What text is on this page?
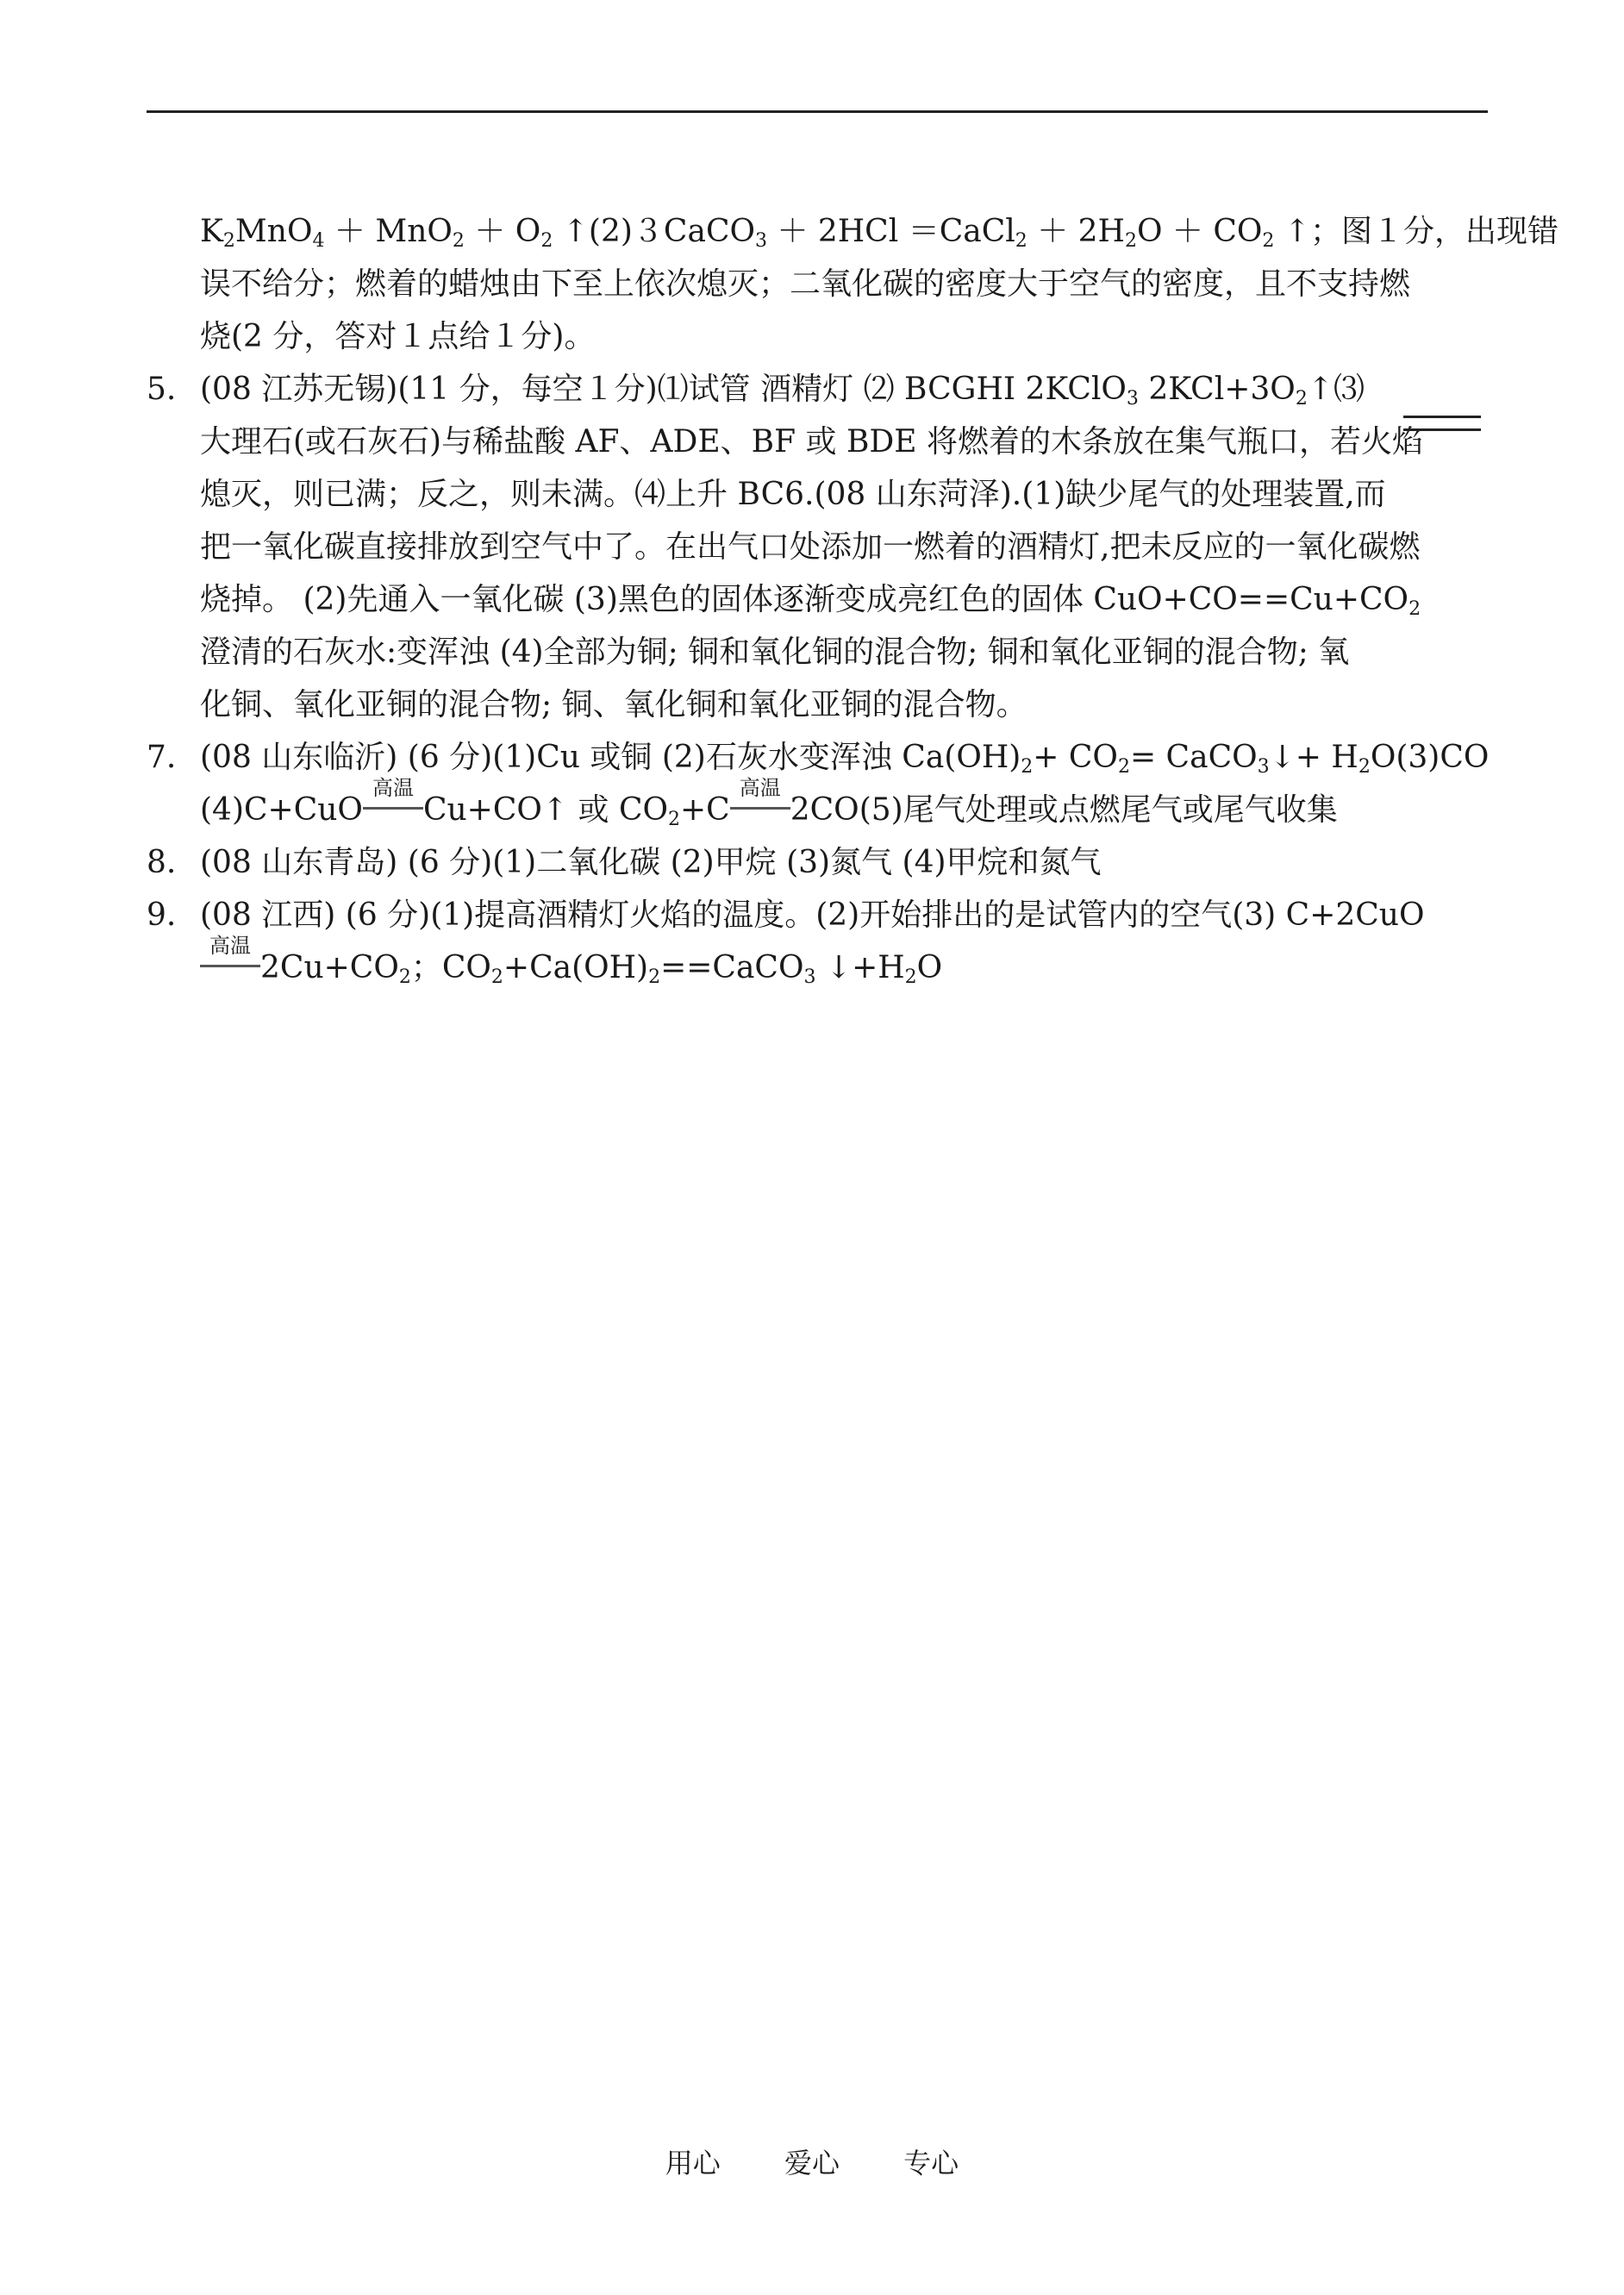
$K_2MnO_4 + MnO_2 + O_2$ ↑(2)３CaCO$_3$ ＋ 2HCl ＝CaCl$_2$ ＋ $2H_2O + CO_2$ ↑；图１分，出现错
误不给分；燃着的蜡烛由下至上依次熄灭；二氧化碳的密度大于空气的密度，且不支持燃
烧(2 分，答对１点给１分)。
5. (08 江苏无锡)(11 分，每空１分)⑴试管 酒精灯 ⑵ BCGHI 2KClO$_3$ $2KCl+3O_2↑⑶$
大理石(或石灰石)与稀盐酸 AF、ADE、BF 或 BDE 将燃着的木条放在集气瓶口，若火焰
熄灭，则已满；反之，则未满。⑷上升 BC6.(08 山东菏泽).(1)缺少尾气的处理装置,而
把一氧化碳直接排放到空气中了。在出气口处添加一燃着的酒精灯,把未反应的一氧化碳燃
烧掉。 (2)先通入一氧化碳 (3)黑色的固体逐渐变成亮红色的固体 $CuO+CO==Cu+CO_2$
澄清的石灰水:变浑浊 (4)全部为铜; 铜和氧化铜的混合物; 铜和氧化亚铜的混合物; 氧
化铜、氧化亚铜的混合物; 铜、氧化铜和氧化亚铜的混合物。
7. (08 山东临沂) (6 分)(1)Cu 或铜 (2)石灰水变浑浊 $Ca(OH)_2+ CO_2=$ CaCO$_3$↓+ $H_2O(3)CO$
(4)C+CuO
高温
Cu+CO↑ 或 $CO_2+C$
高温
2CO(5)尾气处理或点燃尾气或尾气收集
8. (08 山东青岛) (6 分)(1)二氧化碳 (2)甲烷 (3)氮气 (4)甲烷和氮气
9. (08 江西) (6 分)(1)提高酒精灯火焰的温度。(2)开始排出的是试管内的空气(3) C+2CuO
高温
$2Cu+CO_2$；$CO_2+Ca(OH)_2==CaCO_3$ $↓+H_2O$
用心 爱心 专心
